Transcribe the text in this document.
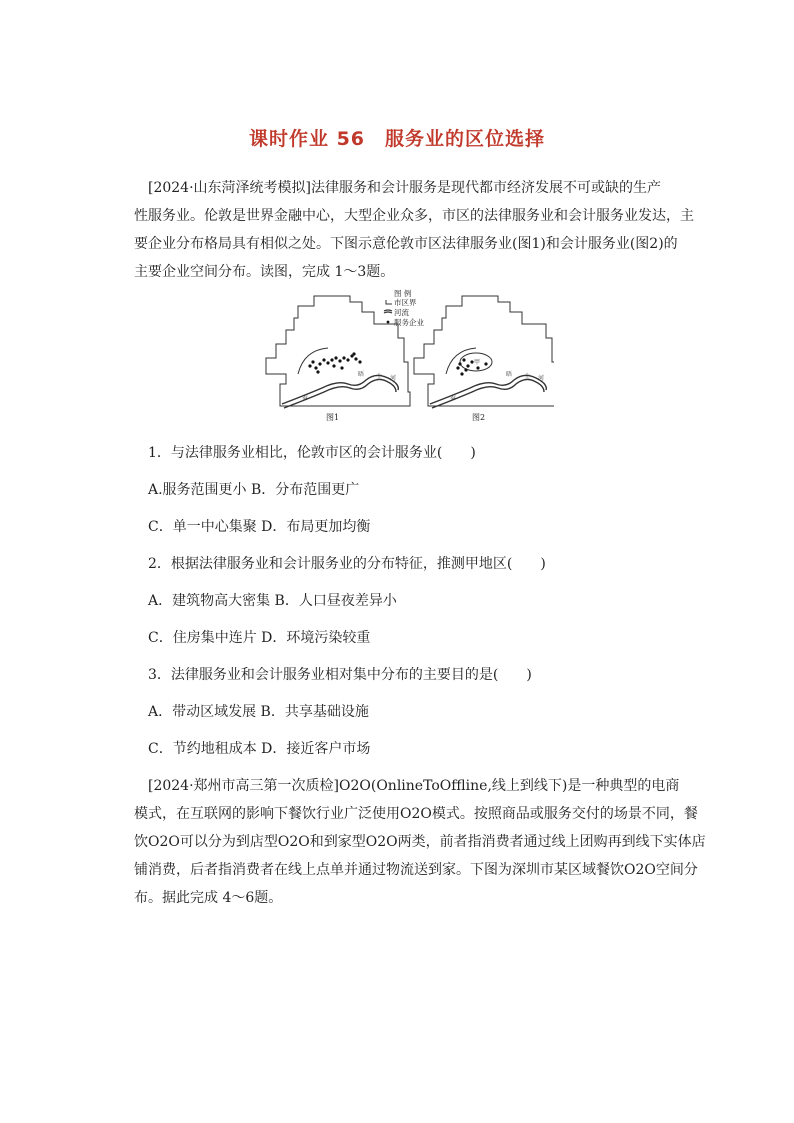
课时作业 56　服务业的区位选择
[2024·山东菏泽统考模拟]法律服务和会计服务是现代都市经济发展不可或缺的生产
性服务业。伦敦是世界金融中心，大型企业众多，市区的法律服务业和会计服务业发达，主
要企业分布格局具有相似之处。下图示意伦敦市区法律服务业(图1)和会计服务业(图2)的
主要企业空间分布。读图，完成 1～3题。
晤 士 河
泰
图1
甲
晤 士 河
泰
图2
图 例
市区界
河流
服务企业
1．与法律服务业相比，伦敦市区的会计服务业(　　)
A.服务范围更小 B．分布范围更广
C．单一中心集聚 D．布局更加均衡
2．根据法律服务业和会计服务业的分布特征，推测甲地区(　　)
A．建筑物高大密集 B．人口昼夜差异小
C．住房集中连片 D．环境污染较重
3．法律服务业和会计服务业相对集中分布的主要目的是(　　)
A．带动区域发展 B．共享基础设施
C．节约地租成本 D．接近客户市场
[2024·郑州市高三第一次质检]O2O(OnlineToOffline,线上到线下)是一种典型的电商
模式，在互联网的影响下餐饮行业广泛使用O2O模式。按照商品或服务交付的场景不同，餐
饮O2O可以分为到店型O2O和到家型O2O两类，前者指消费者通过线上团购再到线下实体店
铺消费，后者指消费者在线上点单并通过物流送到家。下图为深圳市某区域餐饮O2O空间分
布。据此完成 4～6题。
